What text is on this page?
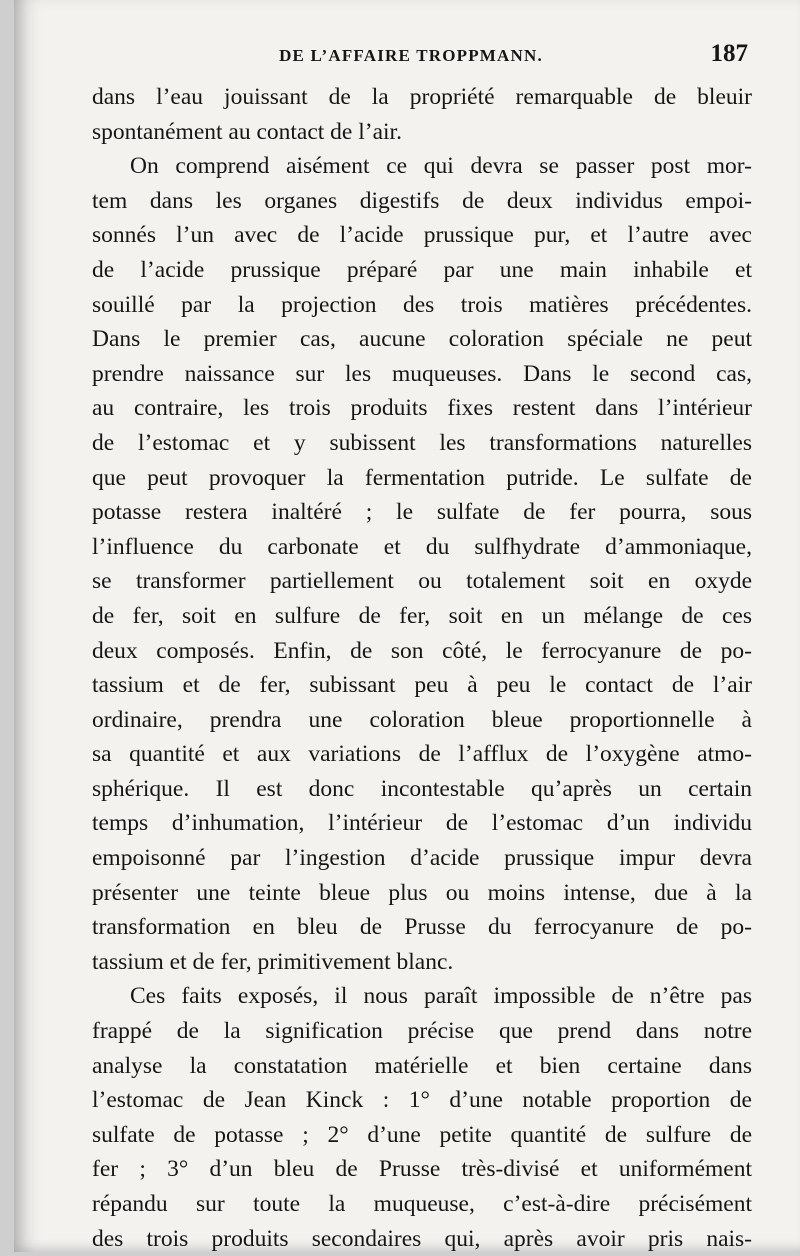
DE L’AFFAIRE TROPPMANN.	187
dans l’eau jouissant de la propriété remarquable de bleuir
spontanément au contact de l’air.
On comprend aisément ce qui devra se passer post mor-
tem dans les organes digestifs de deux individus empoi-
sonnés l’un avec de l’acide prussique pur, et l’autre avec
de l’acide prussique préparé par une main inhabile et
souillé par la projection des trois matières précédentes.
Dans le premier cas, aucune coloration spéciale ne peut
prendre naissance sur les muqueuses. Dans le second cas,
au contraire, les trois produits fixes restent dans l’intérieur
de l’estomac et y subissent les transformations naturelles
que peut provoquer la fermentation putride. Le sulfate de
potasse restera inaltéré ; le sulfate de fer pourra, sous
l’influence du carbonate et du sulfhydrate d’ammoniaque,
se transformer partiellement ou totalement soit en oxyde
de fer, soit en sulfure de fer, soit en un mélange de ces
deux composés. Enfin, de son côté, le ferrocyanure de po-
tassium et de fer, subissant peu à peu le contact de l’air
ordinaire, prendra une coloration bleue proportionnelle à
sa quantité et aux variations de l’afflux de l’oxygène atmo-
sphérique. Il est donc incontestable qu’après un certain
temps d’inhumation, l’intérieur de l’estomac d’un individu
empoisonné par l’ingestion d’acide prussique impur devra
présenter une teinte bleue plus ou moins intense, due à la
transformation en bleu de Prusse du ferrocyanure de po-
tassium et de fer, primitivement blanc.
Ces faits exposés, il nous paraît impossible de n’être pas
frappé de la signification précise que prend dans notre
analyse la constatation matérielle et bien certaine dans
l’estomac de Jean Kinck : 1° d’une notable proportion de
sulfate de potasse ; 2° d’une petite quantité de sulfure de
fer ; 3° d’un bleu de Prusse très-divisé et uniformément
répandu sur toute la muqueuse, c’est-à-dire précisément
des trois produits secondaires qui, après avoir pris nais-
